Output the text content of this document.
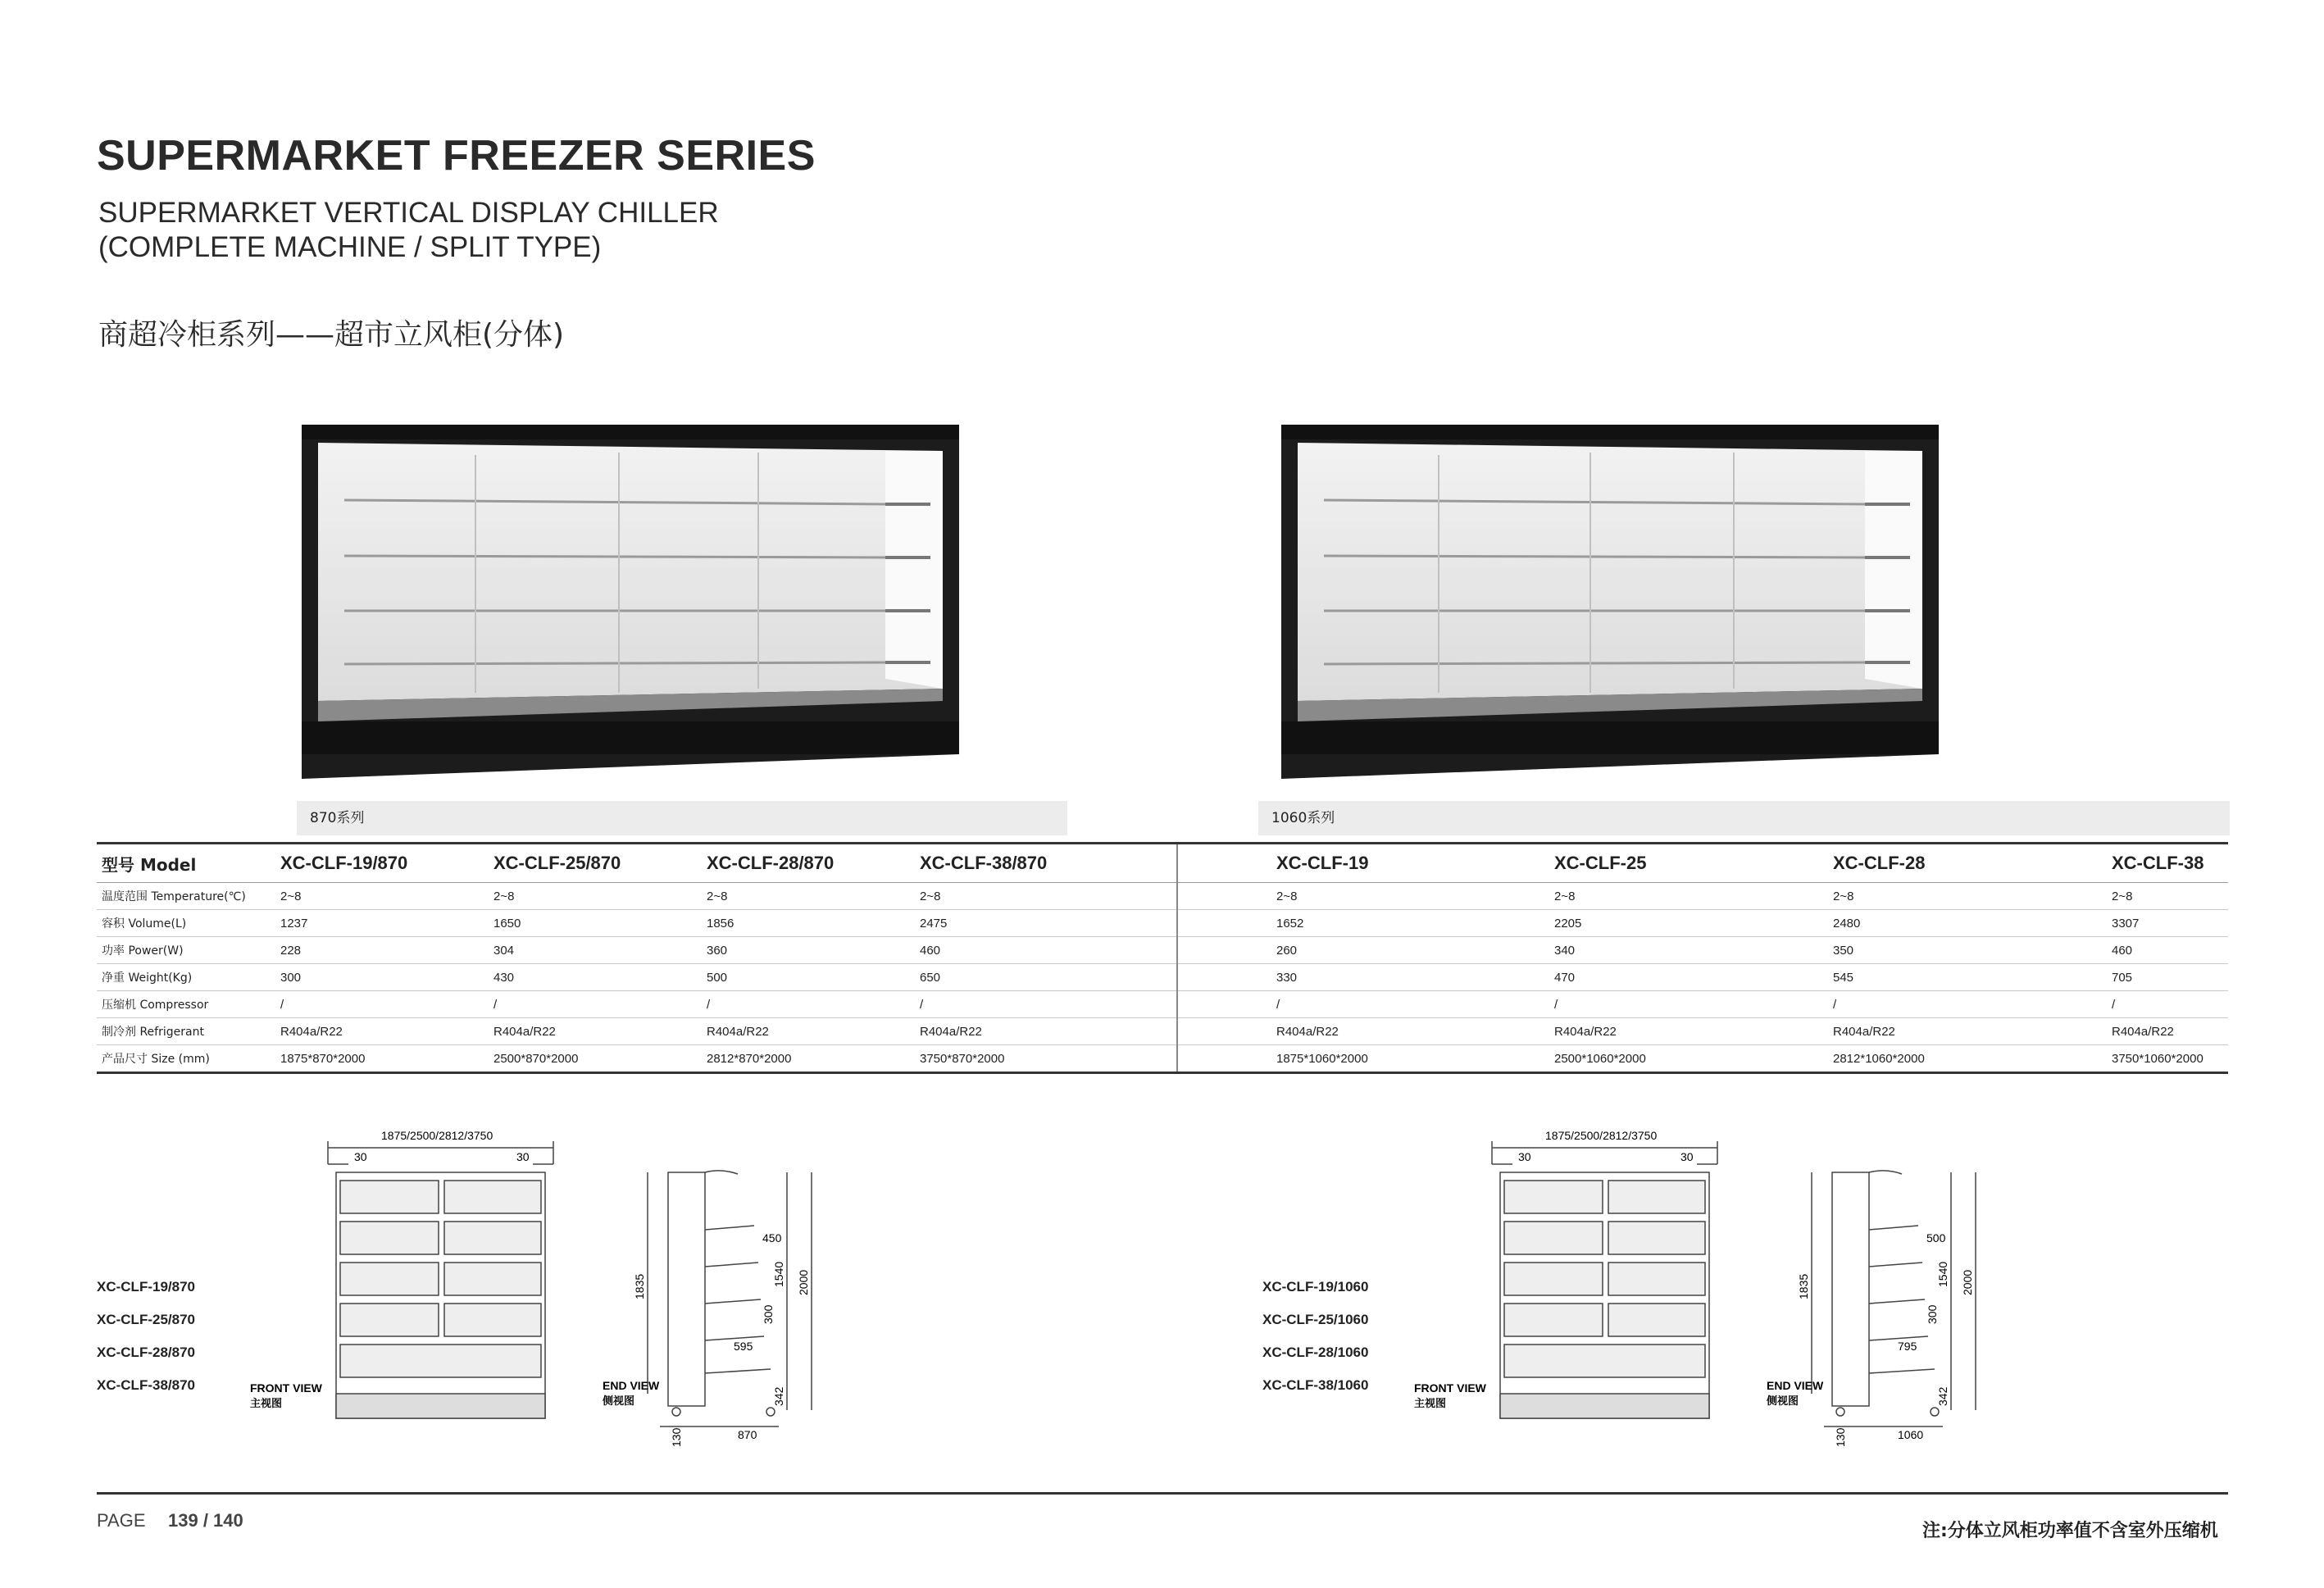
SUPERMARKET FREEZER SERIES
SUPERMARKET VERTICAL DISPLAY CHILLER
(COMPLETE MACHINE / SPLIT TYPE)
商超冷柜系列——超市立风柜(分体)
870系列	1060系列
型号 Model	XC-CLF-19/870	XC-CLF-25/870	XC-CLF-28/870	XC-CLF-38/870	XC-CLF-19	XC-CLF-25	XC-CLF-28	XC-CLF-38
温度范围 Temperature(℃)	2~8	2~8	2~8	2~8	2~8	2~8	2~8	2~8
容积 Volume(L)	1237	1650	1856	2475	1652	2205	2480	3307
功率 Power(W)	228	304	360	460	260	340	350	460
净重 Weight(Kg)	300	430	500	650	330	470	545	705
压缩机 Compressor	/	/	/	/	/	/	/	/
制冷剂 Refrigerant	R404a/R22	R404a/R22	R404a/R22	R404a/R22	R404a/R22	R404a/R22	R404a/R22	R404a/R22
产品尺寸 Size (mm)	1875*870*2000	2500*870*2000	2812*870*2000	3750*870*2000	1875*1060*2000	2500*1060*2000	2812*1060*2000	3750*1060*2000
XC-CLF-19/870
XC-CLF-25/870
XC-CLF-28/870
XC-CLF-38/870
1875/2500/2812/3750
30	30
FRONT VIEW
主视图
450
595
870
1835	1540 2000
300
342
130
END VIEW
侧视图
XC-CLF-19/1060
XC-CLF-25/1060
XC-CLF-28/1060
XC-CLF-38/1060
1875/2500/2812/3750
30	30
FRONT VIEW
主视图
500
795
1060
1835	1540 2000
300
342
130
END VIEW
侧视图
PAGE 139 / 140
注:分体立风柜功率值不含室外压缩机
